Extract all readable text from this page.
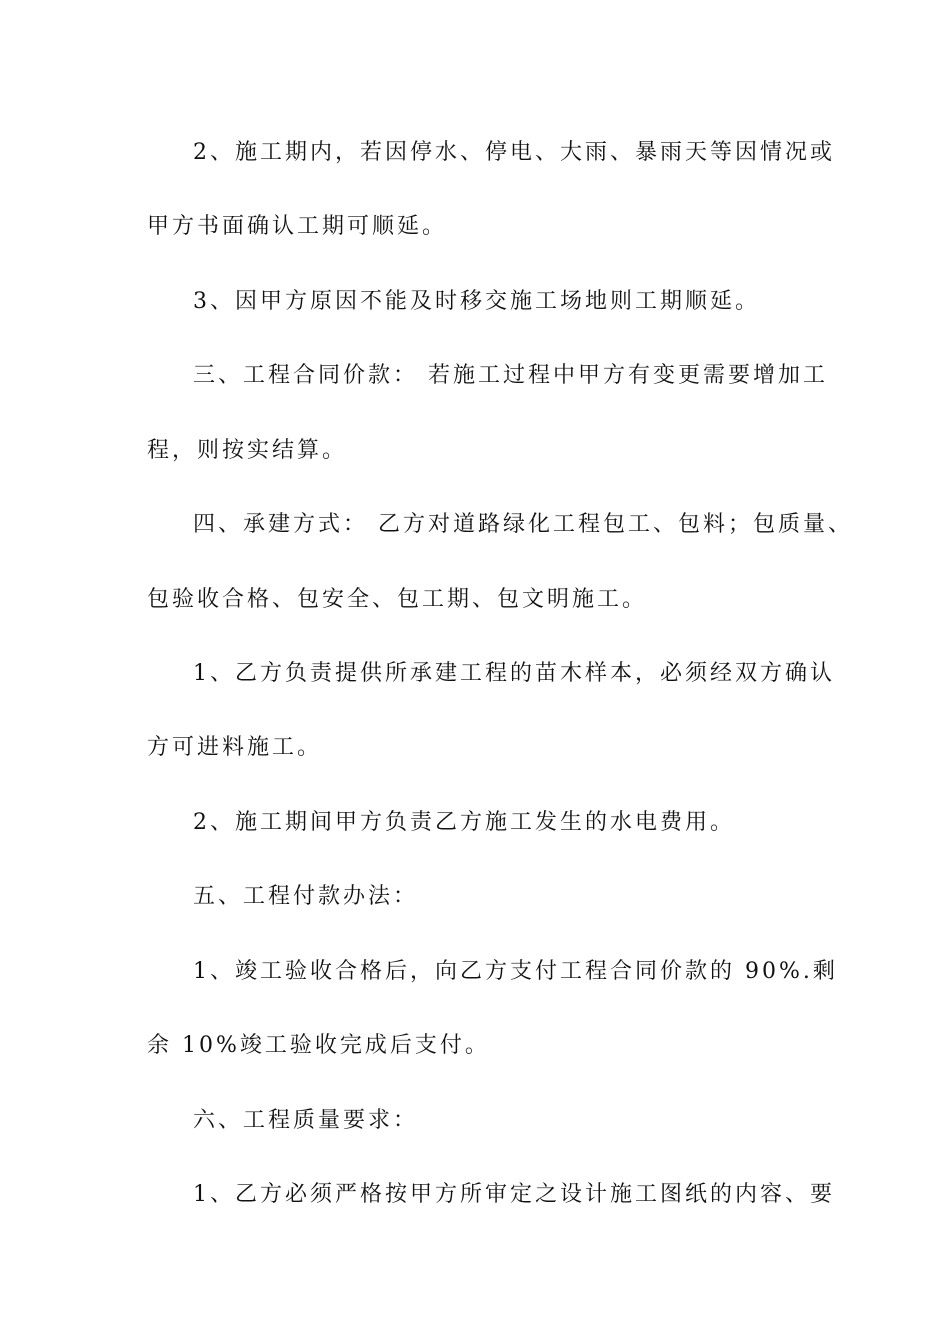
2、施工期内，若因停水、停电、大雨、暴雨天等因情况或
甲方书面确认工期可顺延。
3、因甲方原因不能及时移交施工场地则工期顺延。
三、工程合同价款： 若施工过程中甲方有变更需要增加工
程，则按实结算。
四、承建方式： 乙方对道路绿化工程包工、包料；包质量、
包验收合格、包安全、包工期、包文明施工。
1、乙方负责提供所承建工程的苗木样本，必须经双方确认
方可进料施工。
2、施工期间甲方负责乙方施工发生的水电费用。
五、工程付款办法：
1、竣工验收合格后，向乙方支付工程合同价款的 90%.剩
余 10%竣工验收完成后支付。
六、工程质量要求：
1、乙方必须严格按甲方所审定之设计施工图纸的内容、要
